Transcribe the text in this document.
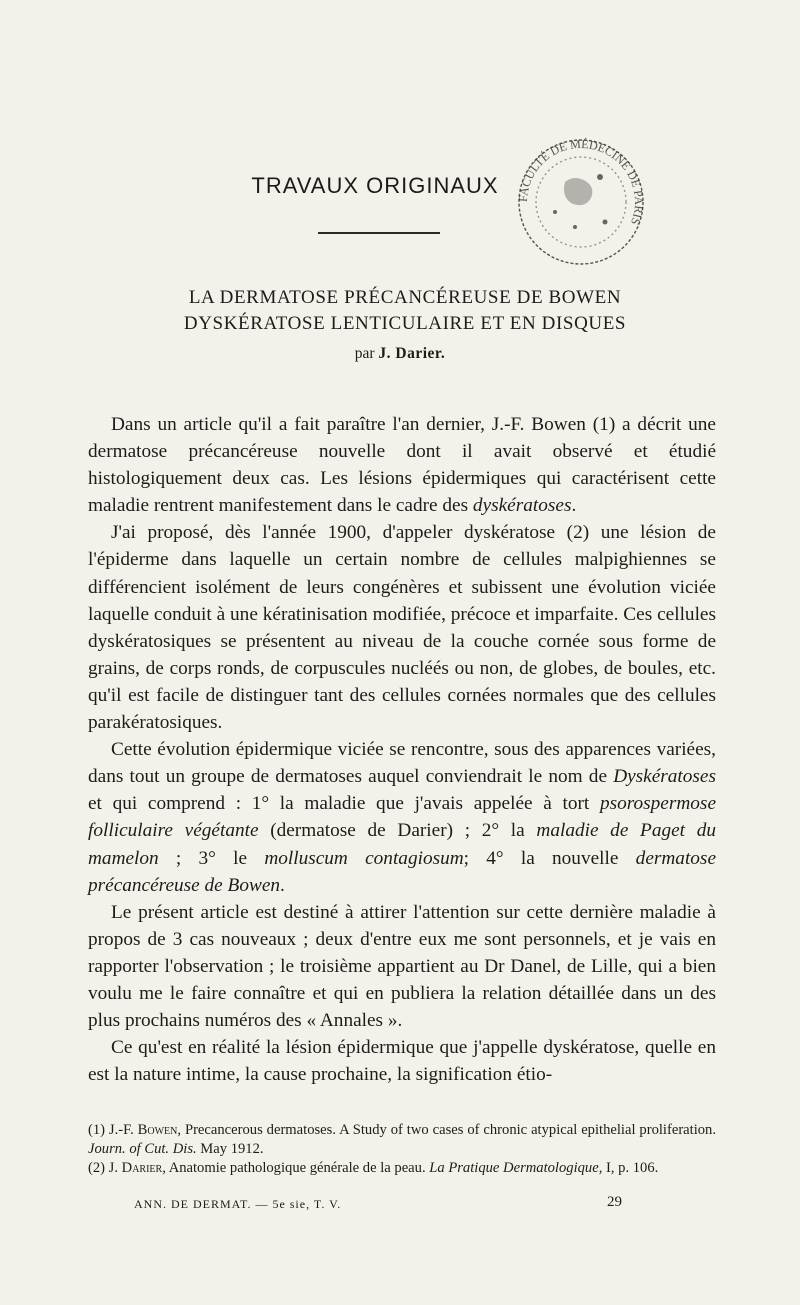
TRAVAUX ORIGINAUX
FACULTÉ DE MÉDECINE DE PARIS
LA DERMATOSE PRÉCANCÉREUSE DE BOWEN
DYSKÉRATOSE LENTICULAIRE ET EN DISQUES
par J. Darier.

Dans un article qu'il a fait paraître l'an dernier, J.-F. Bowen (1) a décrit une dermatose précancéreuse nouvelle dont il avait observé et étudié histologiquement deux cas. Les lésions épidermiques qui caractérisent cette maladie rentrent manifestement dans le cadre des dyskératoses.

J'ai proposé, dès l'année 1900, d'appeler dyskératose (2) une lésion de l'épiderme dans laquelle un certain nombre de cellules malpighiennes se différencient isolément de leurs congénères et subissent une évolution viciée laquelle conduit à une kératinisation modifiée, précoce et imparfaite. Ces cellules dyskératosiques se présentent au niveau de la couche cornée sous forme de grains, de corps ronds, de corpuscules nucléés ou non, de globes, de boules, etc. qu'il est facile de distinguer tant des cellules cornées normales que des cellules parakératosiques.

Cette évolution épidermique viciée se rencontre, sous des apparences variées, dans tout un groupe de dermatoses auquel conviendrait le nom de Dyskératoses et qui comprend : 1° la maladie que j'avais appelée à tort psorospermose folliculaire végétante (dermatose de Darier) ; 2° la maladie de Paget du mamelon ; 3° le molluscum contagiosum; 4° la nouvelle dermatose précancéreuse de Bowen.

Le présent article est destiné à attirer l'attention sur cette dernière maladie à propos de 3 cas nouveaux ; deux d'entre eux me sont personnels, et je vais en rapporter l'observation ; le troisième appartient au Dr Danel, de Lille, qui a bien voulu me le faire connaître et qui en publiera la relation détaillée dans un des plus prochains numéros des « Annales ».

Ce qu'est en réalité la lésion épidermique que j'appelle dyskératose, quelle en est la nature intime, la cause prochaine, la signification étio-

(1) J.-F. Bowen, Precancerous dermatoses. A Study of two cases of chronic atypical epithelial proliferation. Journ. of Cut. Dis. May 1912.

(2) J. Darier, Anatomie pathologique générale de la peau. La Pratique Dermatologique, I, p. 106.

ANN. DE DERMAT. — 5e sie, T. V.	29
